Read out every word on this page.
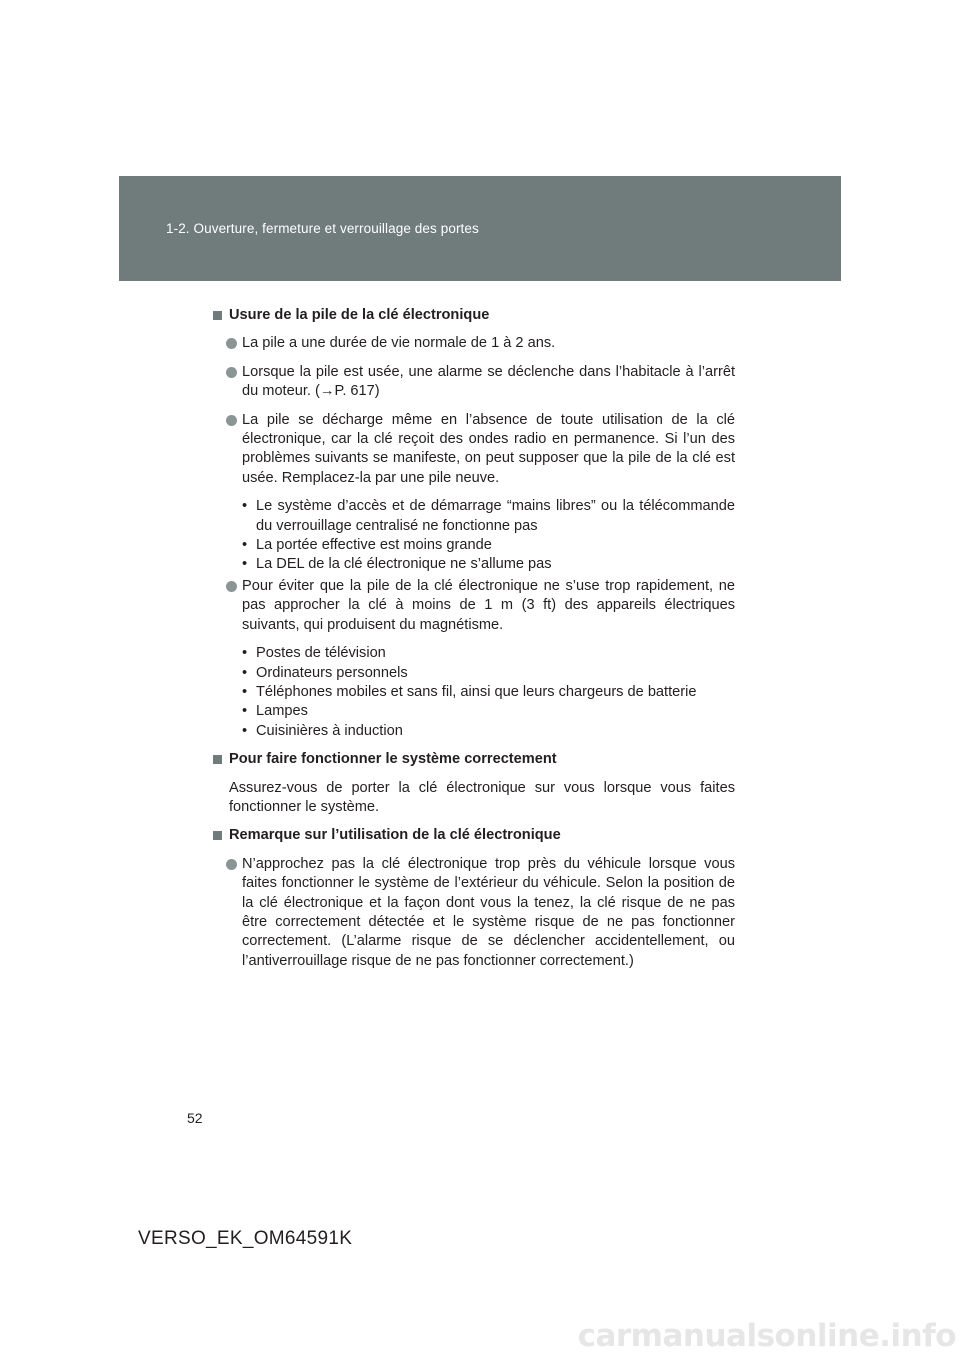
1-2. Ouverture, fermeture et verrouillage des portes
Usure de la pile de la clé électronique
La pile a une durée de vie normale de 1 à 2 ans.
Lorsque la pile est usée, une alarme se déclenche dans l’habitacle à l’arrêt du moteur. (→P. 617)
La pile se décharge même en l’absence de toute utilisation de la clé électronique, car la clé reçoit des ondes radio en permanence. Si l’un des problèmes suivants se manifeste, on peut supposer que la pile de la clé est usée. Remplacez-la par une pile neuve.
• Le système d’accès et de démarrage “mains libres” ou la télécommande du verrouillage centralisé ne fonctionne pas
• La portée effective est moins grande
• La DEL de la clé électronique ne s’allume pas
Pour éviter que la pile de la clé électronique ne s’use trop rapidement, ne pas approcher la clé à moins de 1 m (3 ft) des appareils électriques suivants, qui produisent du magnétisme.
• Postes de télévision
• Ordinateurs personnels
• Téléphones mobiles et sans fil, ainsi que leurs chargeurs de batterie
• Lampes
• Cuisinières à induction
Pour faire fonctionner le système correctement
Assurez-vous de porter la clé électronique sur vous lorsque vous faites fonctionner le système.
Remarque sur l’utilisation de la clé électronique
N’approchez pas la clé électronique trop près du véhicule lorsque vous faites fonctionner le système de l’extérieur du véhicule. Selon la position de la clé électronique et la façon dont vous la tenez, la clé risque de ne pas être correctement détectée et le système risque de ne pas fonctionner correctement. (L’alarme risque de se déclencher accidentellement, ou l’antiverrouillage risque de ne pas fonctionner correctement.)
52
VERSO_EK_OM64591K
carmanualsonline.info
